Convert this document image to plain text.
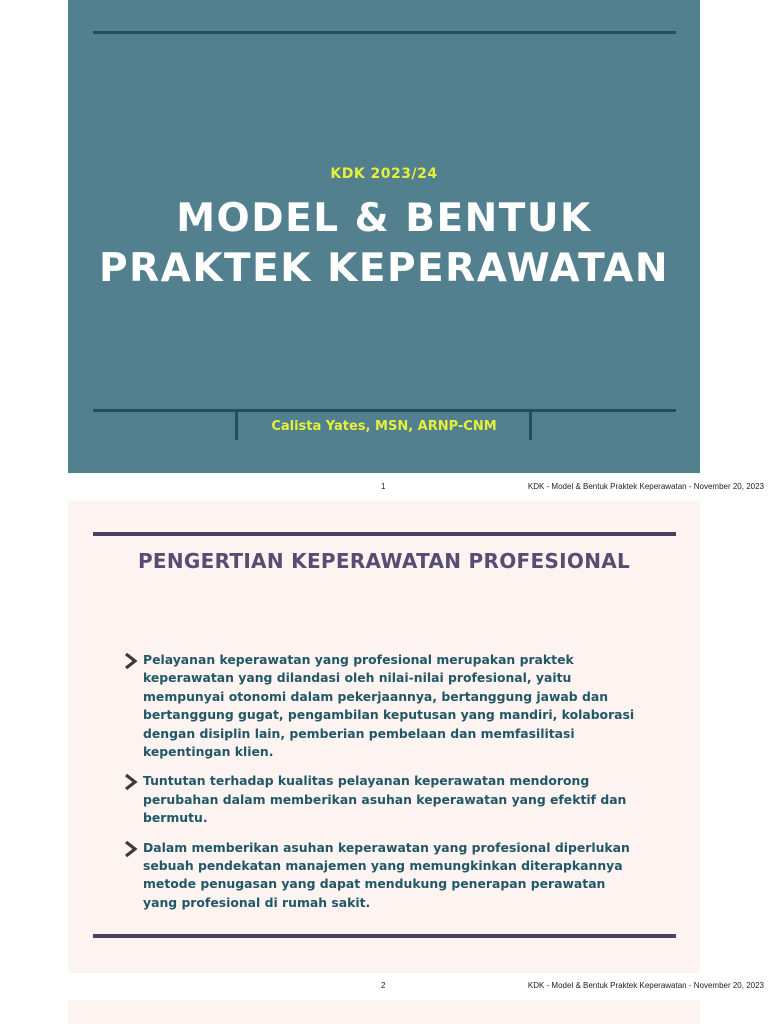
KDK 2023/24
MODEL & BENTUK
PRAKTEK KEPERAWATAN
Calista Yates, MSN, ARNP-CNM
1	KDK - Model & Bentuk Praktek Keperawatan - November 20, 2023
PENGERTIAN KEPERAWATAN PROFESIONAL
Pelayanan keperawatan yang profesional merupakan praktek keperawatan yang dilandasi oleh nilai-nilai profesional, yaitu mempunyai otonomi dalam pekerjaannya, bertanggung jawab dan bertanggung gugat, pengambilan keputusan yang mandiri, kolaborasi dengan disiplin lain, pemberian pembelaan dan memfasilitasi kepentingan klien.
Tuntutan terhadap kualitas pelayanan keperawatan mendorong perubahan dalam memberikan asuhan keperawatan yang efektif dan bermutu.
Dalam memberikan asuhan keperawatan yang profesional diperlukan sebuah pendekatan manajemen yang memungkinkan diterapkannya metode penugasan yang dapat mendukung penerapan perawatan yang profesional di rumah sakit.
2	KDK - Model & Bentuk Praktek Keperawatan - November 20, 2023
